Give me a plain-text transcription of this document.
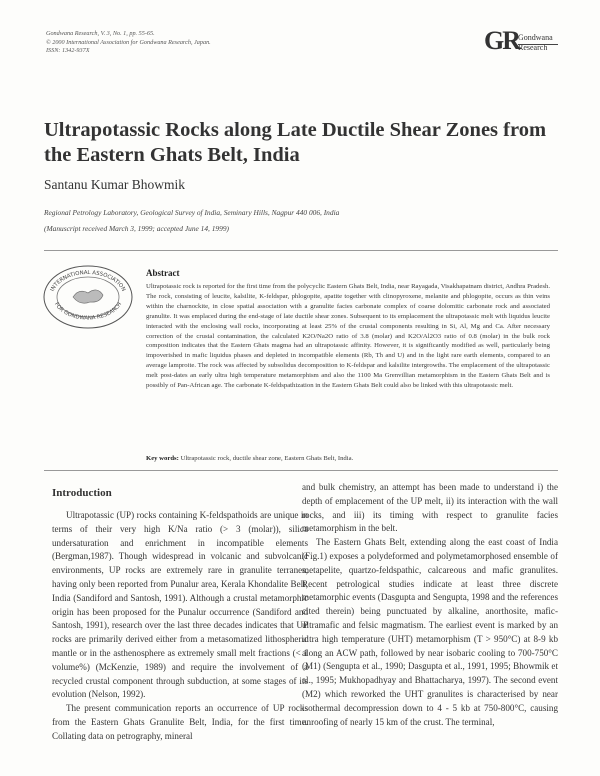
Gondwana Research, V. 3, No. 1, pp. 55-65.
© 2000 International Association for Gondwana Research, Japan.
ISSN: 1342-937X	GR Gondwana
Research
Ultrapotassic Rocks along Late Ductile Shear Zones from the Eastern Ghats Belt, India
Santanu Kumar Bhowmik
Regional Petrology Laboratory, Geological Survey of India, Seminary Hills, Nagpur 440 006, India
(Manuscript received March 3, 1999; accepted June 14, 1999)
INTERNATIONAL ASSOCIATION
FOR GONDWANA RESEARCH
Abstract

Ultrapotassic rock is reported for the first time from the polycyclic Eastern Ghats Belt, India, near Rayagada, Visakhapatnam district, Andhra Pradesh. The rock, consisting of leucite, kalsilite, K-feldspar, phlogopite, apatite together with clinopyroxene, melanite and phlogopite, occurs as thin veins within the charnockite, in close spatial association with a granulite facies carbonate complex of coarse dolomitic carbonate rock and associated granulite. It was emplaced during the end-stage of late ductile shear zones. Subsequent to its emplacement the ultrapotassic melt with liquidus leucite interacted with the enclosing wall rocks, incorporating at least 25% of the crustal components resulting in Si, Al, Mg and Ca. After necessary correction of the crustal contamination, the calculated K2O/Na2O ratio of 3.8 (molar) and K2O/Al2O3 ratio of 0.8 (molar) in the bulk rock composition indicates that the Eastern Ghats magma had an ultrapotassic affinity. However, it is significantly modified as well, particularly being impoverished in mafic liquidus phases and depleted in incompatible elements (Rb, Th and U) and in the light rare earth elements, compared to an average lamproite. The rock was affected by subsolidus decomposition to K-feldspar and kalsilite intergrowths. The emplacement of the ultrapotassic melt post-dates an early ultra high temperature metamorphism and also the 1100 Ma Grenvillian metamorphism in the Eastern Ghats Belt and is possibly of Pan-African age. The carbonate K-feldspathization in the Eastern Ghats Belt could also be linked with this ultrapotassic melt.

Key words: Ultrapotassic rock, ductile shear zone, Eastern Ghats Belt, India.
Introduction

Ultrapotassic (UP) rocks containing K-feldspathoids are unique in terms of their very high K/Na ratio (> 3 (molar)), silica undersaturation and enrichment in incompatible elements (Bergman,1987). Though widespread in volcanic and subvolcanic environments, UP rocks are extremely rare in granulite terranes, having only been reported from Punalur area, Kerala Khondalite Belt, India (Sandiford and Santosh, 1991). Although a crustal metamorphic origin has been proposed for the Punalur occurrence (Sandiford and Santosh, 1991), research over the last three decades indicates that UP rocks are primarily derived either from a metasomatized lithospheric mantle or in the asthenosphere as extremely small melt fractions (< 1 volume%) (McKenzie, 1989) and require the involvement of a recycled crustal component through subduction, at some stages of its evolution (Nelson, 1992).

The present communication reports an occurrence of UP rocks from the Eastern Ghats Granulite Belt, India, for the first time. Collating data on petrography, mineral

and bulk chemistry, an attempt has been made to understand i) the depth of emplacement of the UP melt, ii) its interaction with the wall rocks, and iii) its timing with respect to granulite facies metamorphism in the belt.

The Eastern Ghats Belt, extending along the east coast of India (Fig.1) exposes a polydeformed and polymetamorphosed ensemble of metapelite, quartzo-feldspathic, calcareous and mafic granulites. Recent petrological studies indicate at least three discrete metamorphic events (Dasgupta and Sengupta, 1998 and the references cited therein) being punctuated by alkaline, anorthosite, mafic-ultramafic and felsic magmatism. The earliest event is marked by an ultra high temperature (UHT) metamorphism (T > 950°C) at 8-9 kb along an ACW path, followed by near isobaric cooling to 700-750°C (M1) (Sengupta et al., 1990; Dasgupta et al., 1991, 1995; Bhowmik et al., 1995; Mukhopadhyay and Bhattacharya, 1997). The second event (M2) which reworked the UHT granulites is characterised by near isothermal decompression down to 4 - 5 kb at 750-800°C, causing unroofing of nearly 15 km of the crust. The terminal,
